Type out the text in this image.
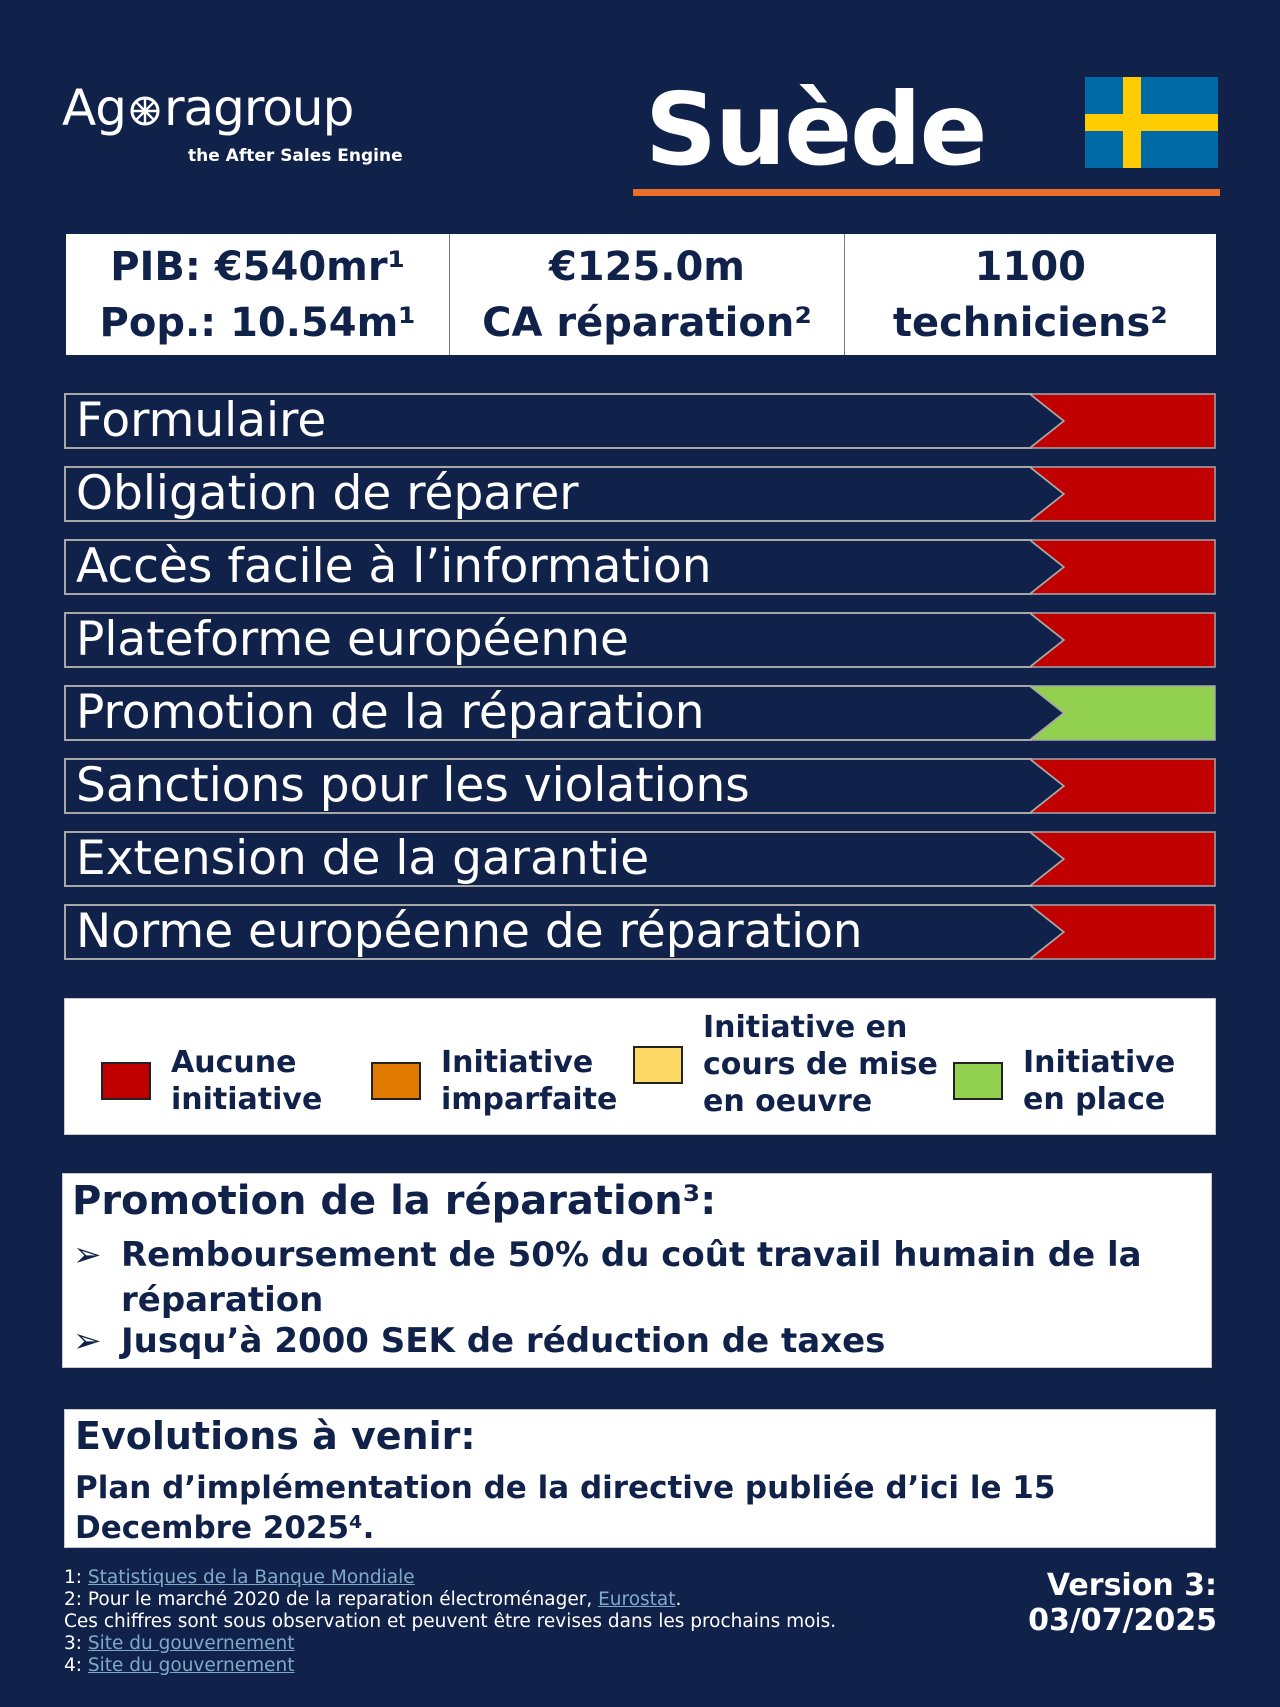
Ag ragroup
the After Sales Engine Suède
PIB: €540mr¹
Pop.: 10.54m¹
€125.0m
CA réparation²
1100
techniciens²
Formulaire
Obligation de réparer
Accès facile à l’information
Plateforme européenne
Promotion de la réparation
Sanctions pour les violations
Extension de la garantie
Norme européenne de réparation
Aucune
initiative
Initiative
imparfaite
Initiative en
cours de mise
en oeuvre
Initiative
en place
Promotion de la réparation³:
➢ Remboursement de 50% du coût travail humain de la
réparation
➢ Jusqu’à 2000 SEK de réduction de taxes
Evolutions à venir:
Plan d’implémentation de la directive publiée d’ici le 15 Decembre 2025⁴.
1: Statistiques de la Banque Mondiale
2: Pour le marché 2020 de la reparation électroménager, Eurostat.
Ces chiffres sont sous observation et peuvent être revises dans les prochains mois.
3: Site du gouvernement
4: Site du gouvernement
Version 3: 03/07/2025
